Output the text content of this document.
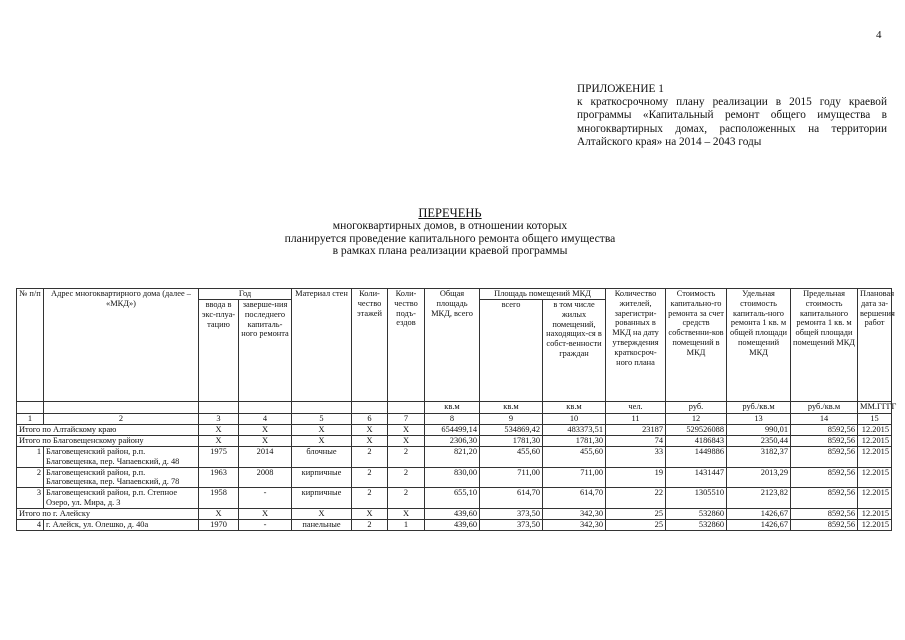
4
ПРИЛОЖЕНИЕ 1
к краткосрочному плану реализации в 2015 году краевой программы «Капитальный ремонт общего имущества в многоквартирных домах, расположенных на территории Алтайского края» на 2014 – 2043 годы
ПЕРЕЧЕНЬ
многоквартирных домов, в отношении которых
планируется проведение капитального ремонта общего имущества
в рамках плана реализации краевой программы
№ п/п	Адрес многоквартирного дома (далее – «МКД»)	Год		Материал стен	Коли-чество этажей	Коли-чество подъ-ездов	Общая площадь МКД, всего	Площадь помещений МКД		Количество жителей, зарегистри-рованных в МКД на дату утверждения краткосроч-ного плана	Стоимость капитально-го ремонта за счет средств собственни-ков помещений в МКД	Удельная стоимость капиталь-ного ремонта 1 кв. м общей площади помещений МКД	Предельная стоимость капитального ремонта 1 кв. м общей площади помещений МКД	Плановая дата за-вершения работ
		ввода в экс-плуа-тацию	заверше-ния последнего капиталь-ного ремонта					всего	в том числе жилых помещений, находящих-ся в собст-венности граждан					
							кв.м	кв.м	кв.м	чел.	руб.	руб./кв.м	руб./кв.м	ММ.ГГГГ
1	2	3	4	5	6	7	8	9	10	11	12	13	14	15
Итого по Алтайскому краю		Х	Х	Х	Х	Х	654499,14	534869,42	483373,51	23187	529526088	990,01	8592,56	12.2015
Итого по Благовещенскому району		Х	Х	Х	Х	Х	2306,30	1781,30	1781,30	74	4186843	2350,44	8592,56	12.2015
1	Благовещенский район, р.п. Благовещенка, пер. Чапаевский, д. 48	1975	2014	блочные	2	2	821,20	455,60	455,60	33	1449886	3182,37	8592,56	12.2015
2	Благовещенский район, р.п. Благовещенка, пер. Чапаевский, д. 78	1963	2008	кирпичные	2	2	830,00	711,00	711,00	19	1431447	2013,29	8592,56	12.2015
3	Благовещенский район, р.п. Степное Озеро, ул. Мира, д. 3	1958	-	кирпичные	2	2	655,10	614,70	614,70	22	1305510	2123,82	8592,56	12.2015
Итого по г. Алейску		Х	Х	Х	Х	Х	439,60	373,50	342,30	25	532860	1426,67	8592,56	12.2015
4	г. Алейск, ул. Олешко, д. 40а	1970	-	панельные	2	1	439,60	373,50	342,30	25	532860	1426,67	8592,56	12.2015
